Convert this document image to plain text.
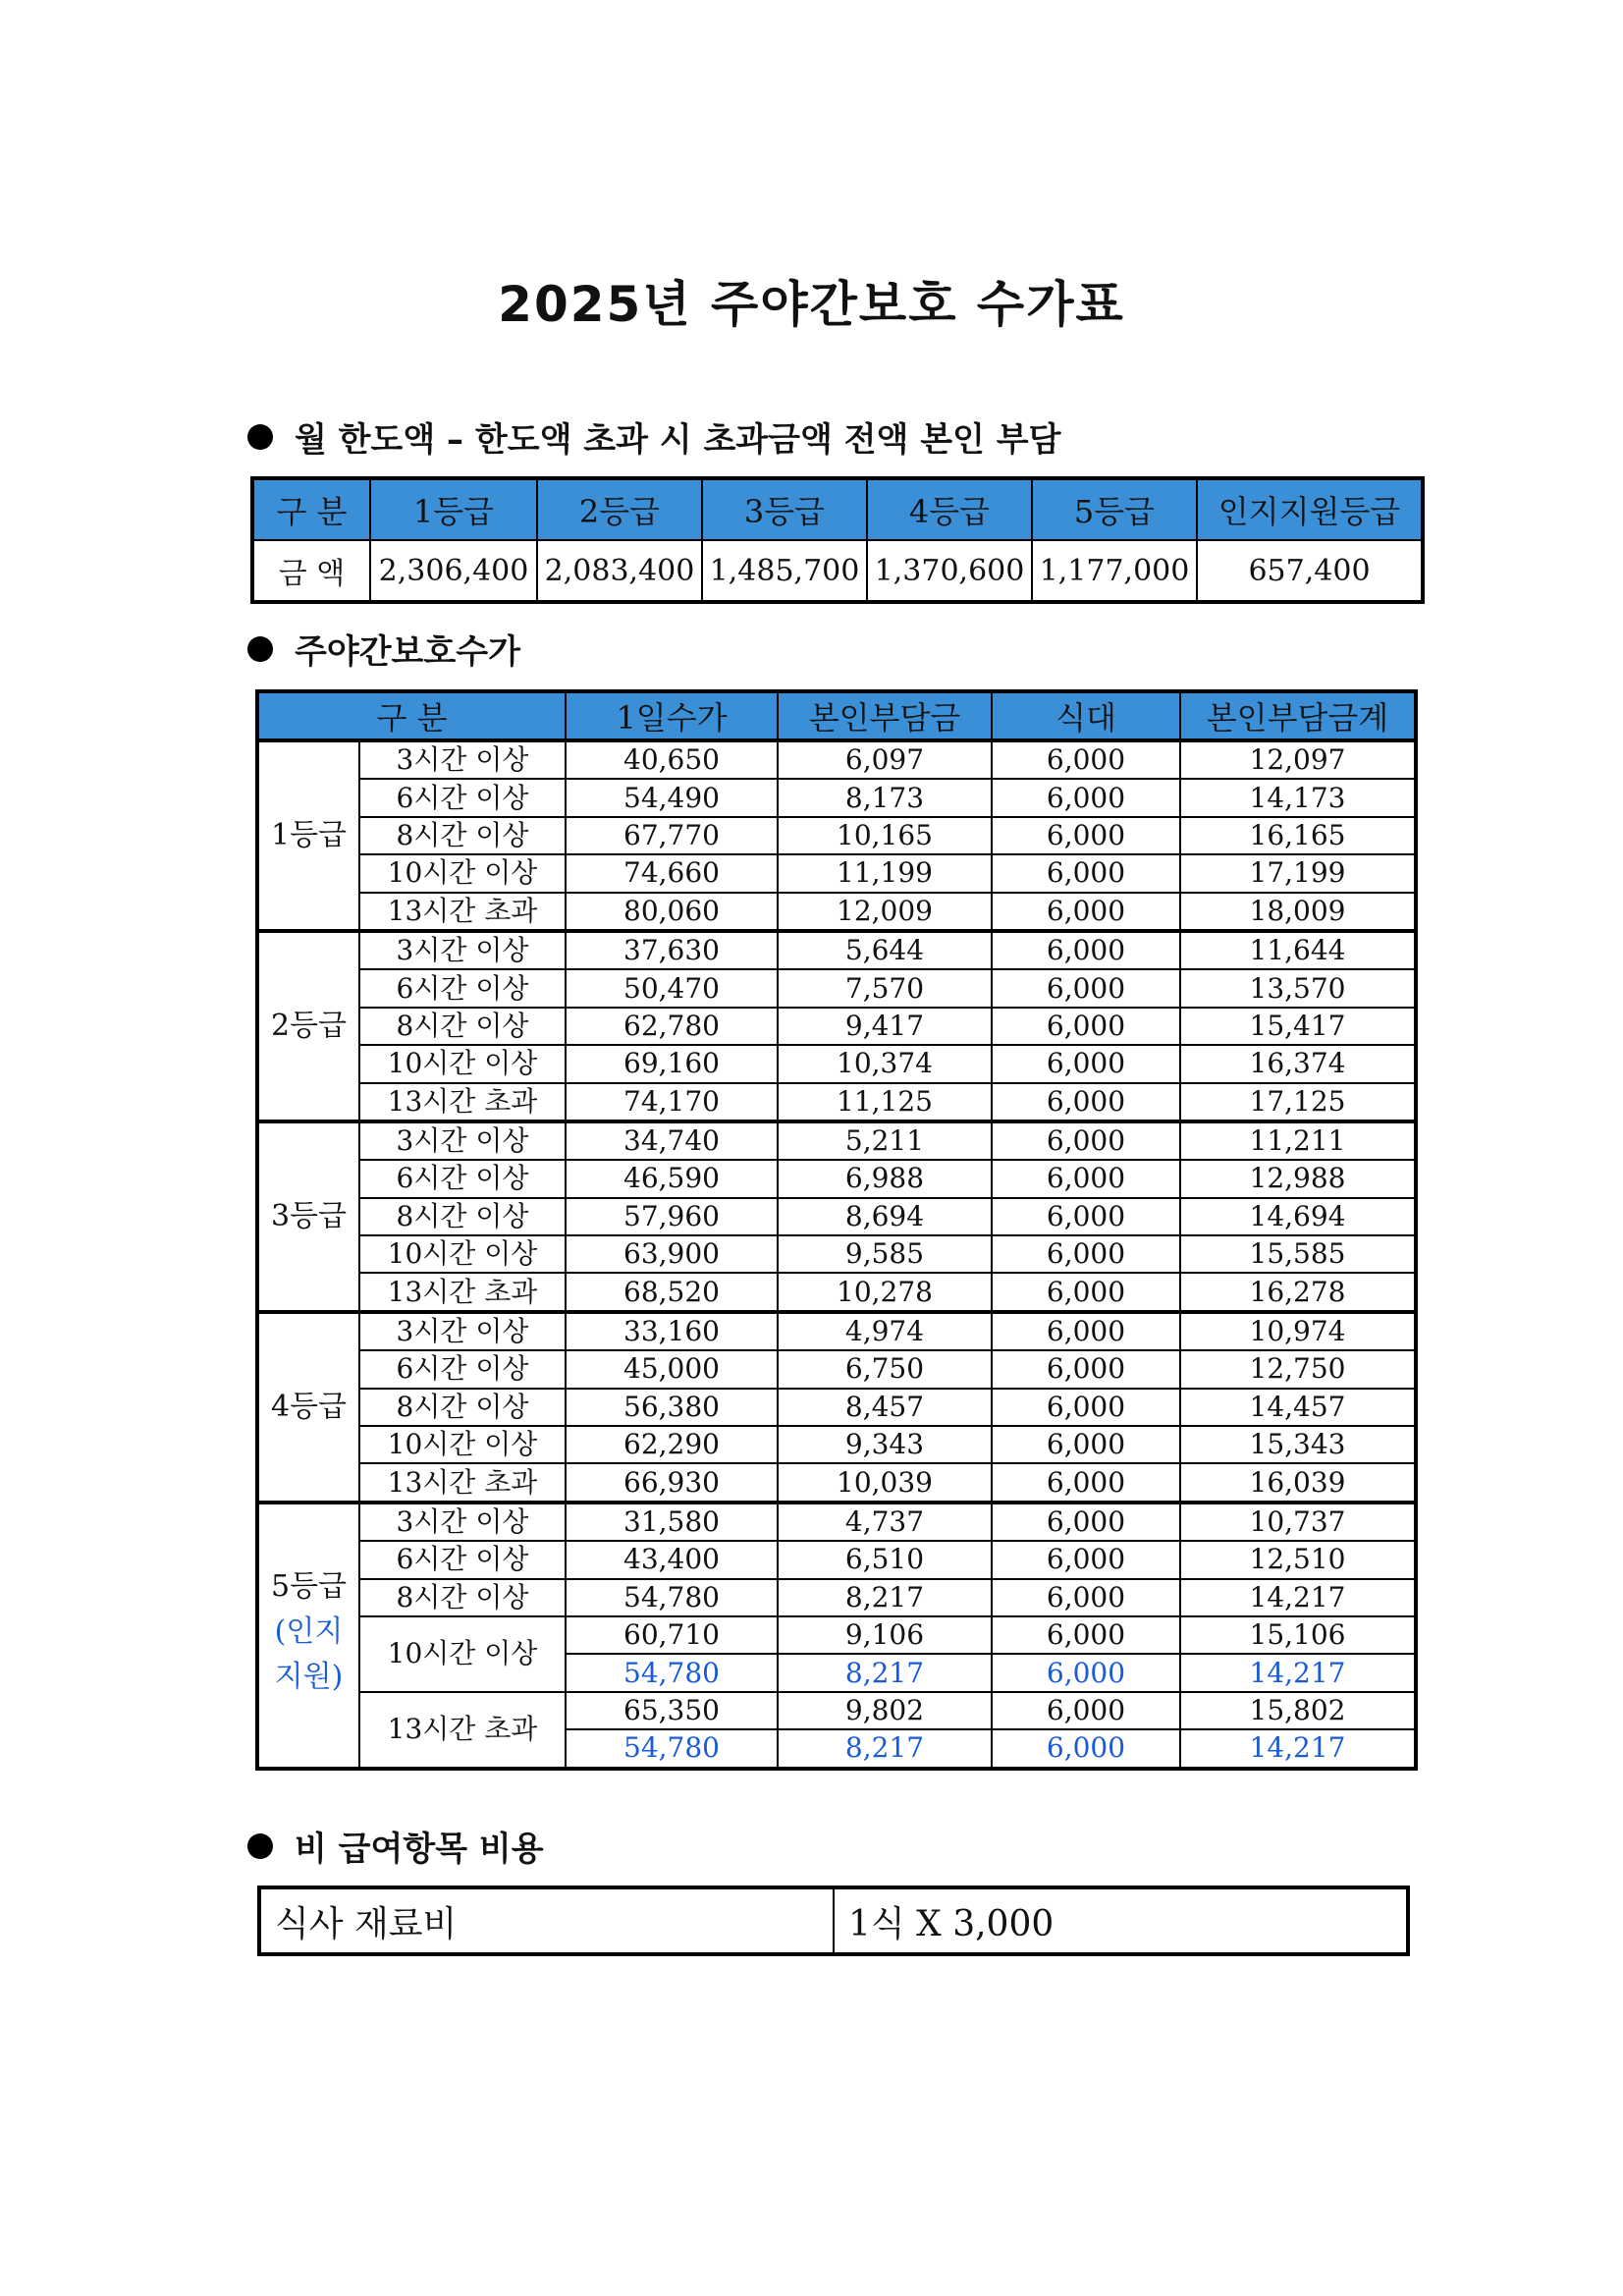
2025년 주야간보호 수가표
월 한도액 – 한도액 초과 시 초과금액 전액 본인 부담
구 분	1등급	2등급	3등급	4등급	5등급	인지지원등급
금 액	2,306,400	2,083,400	1,485,700	1,370,600	1,177,000	657,400
주야간보호수가
구 분		1일수가	본인부담금	식대	본인부담금계
1등급	3시간 이상	40,650	6,097	6,000	12,097
	6시간 이상	54,490	8,173	6,000	14,173
	8시간 이상	67,770	10,165	6,000	16,165
	10시간 이상	74,660	11,199	6,000	17,199
	13시간 초과	80,060	12,009	6,000	18,009
2등급	3시간 이상	37,630	5,644	6,000	11,644
	6시간 이상	50,470	7,570	6,000	13,570
	8시간 이상	62,780	9,417	6,000	15,417
	10시간 이상	69,160	10,374	6,000	16,374
	13시간 초과	74,170	11,125	6,000	17,125
3등급	3시간 이상	34,740	5,211	6,000	11,211
	6시간 이상	46,590	6,988	6,000	12,988
	8시간 이상	57,960	8,694	6,000	14,694
	10시간 이상	63,900	9,585	6,000	15,585
	13시간 초과	68,520	10,278	6,000	16,278
4등급	3시간 이상	33,160	4,974	6,000	10,974
	6시간 이상	45,000	6,750	6,000	12,750
	8시간 이상	56,380	8,457	6,000	14,457
	10시간 이상	62,290	9,343	6,000	15,343
	13시간 초과	66,930	10,039	6,000	16,039

5등급
(인지 지원)	3시간 이상	31,580	4,737	6,000	10,737
	6시간 이상	43,400	6,510	6,000	12,510
	8시간 이상	54,780	8,217	6,000	14,217
	10시간 이상	60,710	9,106	6,000	15,106
		54,780	8,217	6,000	14,217
	13시간 초과	65,350	9,802	6,000	15,802
		54,780	8,217	6,000	14,217
비 급여항목 비용
식사 재료비	1식 X 3,000
